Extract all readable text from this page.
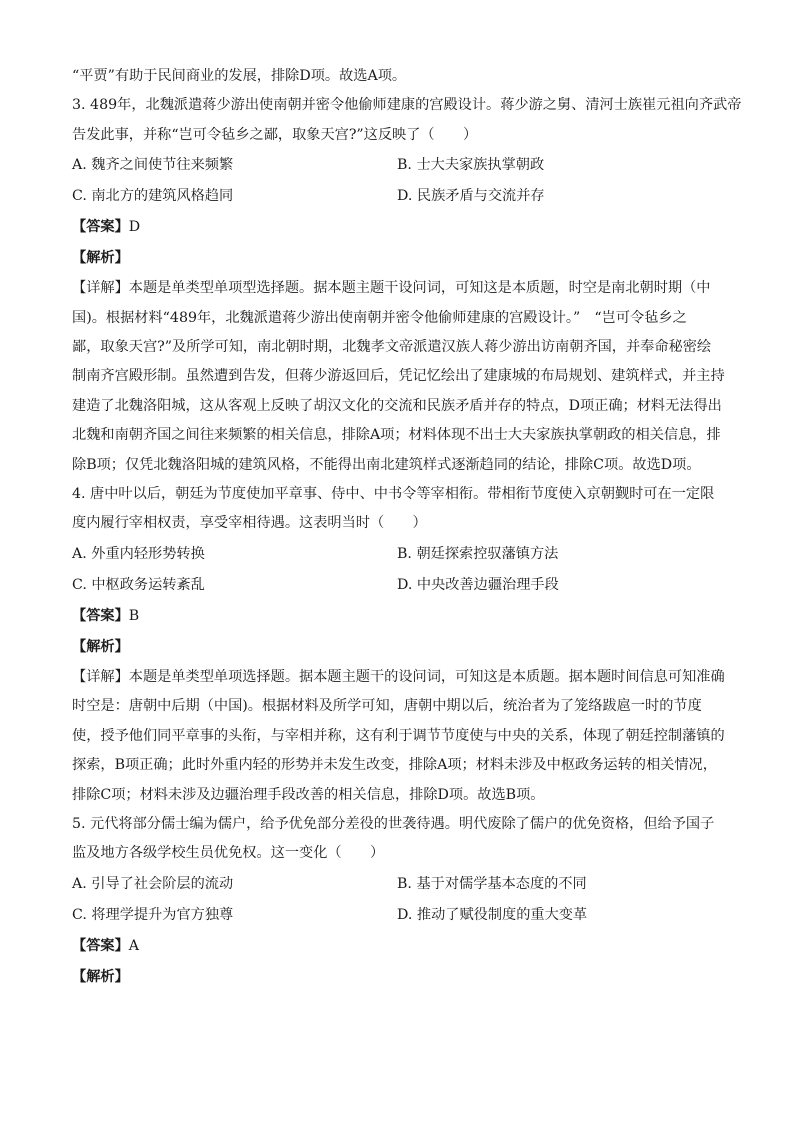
“平贾”有助于民间商业的发展，排除D项。故选A项。

3. 489年，北魏派遣蒋少游出使南朝并密令他偷师建康的宫殿设计。蒋少游之舅、清河士族崔元祖向齐武帝

告发此事，并称“岂可令毡乡之鄙，取象天宫?”这反映了（　　）

A. 魏齐之间使节往来频繁	B. 士大夫家族执掌朝政
C. 南北方的建筑风格趋同	D. 民族矛盾与交流并存
【答案】D
【解析】

【详解】本题是单类型单项型选择题。据本题主题干设问词，可知这是本质题，时空是南北朝时期（中

国)。根据材料“489年，北魏派遣蒋少游出使南朝并密令他偷师建康的宫殿设计。”　“岂可令毡乡之

鄙，取象天宫?”及所学可知，南北朝时期，北魏孝文帝派遣汉族人蒋少游出访南朝齐国，并奉命秘密绘

制南齐宫殿形制。虽然遭到告发，但蒋少游返回后，凭记忆绘出了建康城的布局规划、建筑样式，并主持

建造了北魏洛阳城，这从客观上反映了胡汉文化的交流和民族矛盾并存的特点，D项正确；材料无法得出

北魏和南朝齐国之间往来频繁的相关信息，排除A项；材料体现不出士大夫家族执掌朝政的相关信息，排

除B项；仅凭北魏洛阳城的建筑风格，不能得出南北建筑样式逐渐趋同的结论，排除C项。故选D项。

4. 唐中叶以后，朝廷为节度使加平章事、侍中、中书令等宰相衔。带相衔节度使入京朝觐时可在一定限

度内履行宰相权责，享受宰相待遇。这表明当时（　　）

A. 外重内轻形势转换	B. 朝廷探索控驭藩镇方法
C. 中枢政务运转紊乱	D. 中央改善边疆治理手段
【答案】B
【解析】

【详解】本题是单类型单项选择题。据本题主题干的设问词，可知这是本质题。据本题时间信息可知准确

时空是：唐朝中后期（中国)。根据材料及所学可知，唐朝中期以后，统治者为了笼络跋扈一时的节度

使，授予他们同平章事的头衔，与宰相并称，这有利于调节节度使与中央的关系，体现了朝廷控制藩镇的

探索，B项正确；此时外重内轻的形势并未发生改变，排除A项；材料未涉及中枢政务运转的相关情况，

排除C项；材料未涉及边疆治理手段改善的相关信息，排除D项。故选B项。

5. 元代将部分儒士编为儒户，给予优免部分差役的世袭待遇。明代废除了儒户的优免资格，但给予国子

监及地方各级学校生员优免权。这一变化（　　）

A. 引导了社会阶层的流动	B. 基于对儒学基本态度的不同
C. 将理学提升为官方独尊	D. 推动了赋役制度的重大变革
【答案】A
【解析】
